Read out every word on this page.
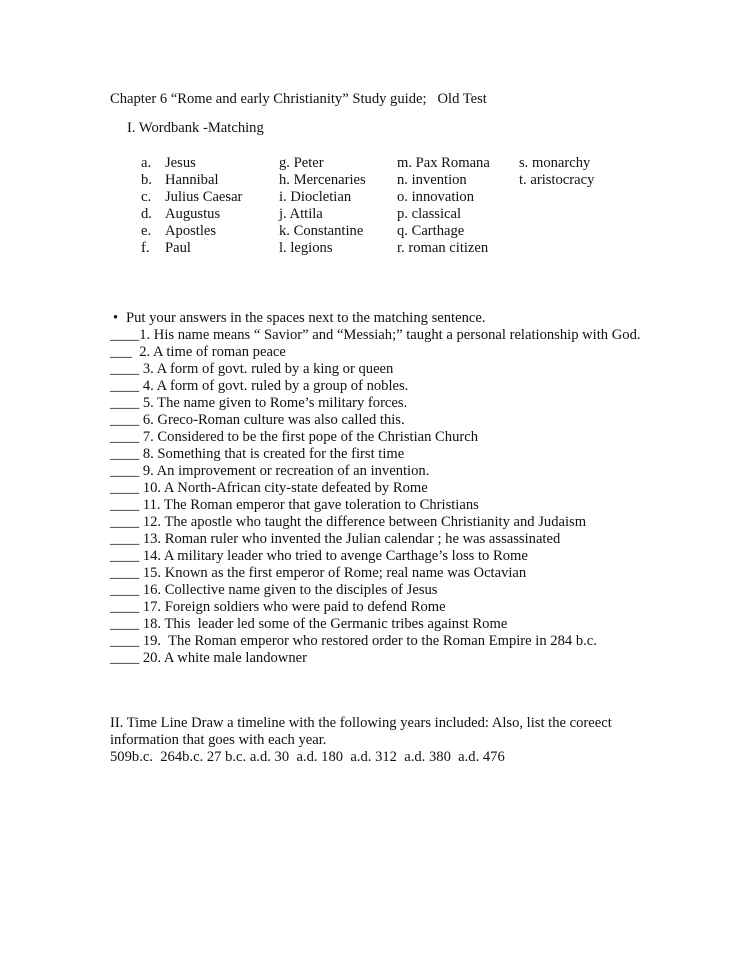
Chapter 6 “Rome and early Christianity” Study guide;   Old Test
I. Wordbank -Matching
a. Jesus
b. Hannibal
c. Julius Caesar
d. Augustus
e. Apostles
f. Paul
g. Peter
h. Mercenaries
i. Diocletian
j. Attila
k. Constantine
l. legions
m. Pax Romana
n. invention
o. innovation
p. classical
q. Carthage
r. roman citizen
s. monarchy
t. aristocracy
• Put your answers in the spaces next to the matching sentence.
____1. His name means “ Savior” and “Messiah;” taught a personal relationship with God.
___  2. A time of roman peace
____ 3. A form of govt. ruled by a king or queen
____ 4. A form of govt. ruled by a group of nobles.
____ 5. The name given to Rome’s military forces.
____ 6. Greco-Roman culture was also called this.
____ 7. Considered to be the first pope of the Christian Church
____ 8. Something that is created for the first time
____ 9. An improvement or recreation of an invention.
____ 10. A North-African city-state defeated by Rome
____ 11. The Roman emperor that gave toleration to Christians
____ 12. The apostle who taught the difference between Christianity and Judaism
____ 13. Roman ruler who invented the Julian calendar ; he was assassinated
____ 14. A military leader who tried to avenge Carthage’s loss to Rome
____ 15. Known as the first emperor of Rome; real name was Octavian
____ 16. Collective name given to the disciples of Jesus
____ 17. Foreign soldiers who were paid to defend Rome
____ 18. This  leader led some of the Germanic tribes against Rome
____ 19.  The Roman emperor who restored order to the Roman Empire in 284 b.c.
____ 20. A white male landowner
II. Time Line Draw a timeline with the following years included: Also, list the coreect information that goes with each year.
509b.c.  264b.c. 27 b.c. a.d. 30  a.d. 180  a.d. 312  a.d. 380  a.d. 476
